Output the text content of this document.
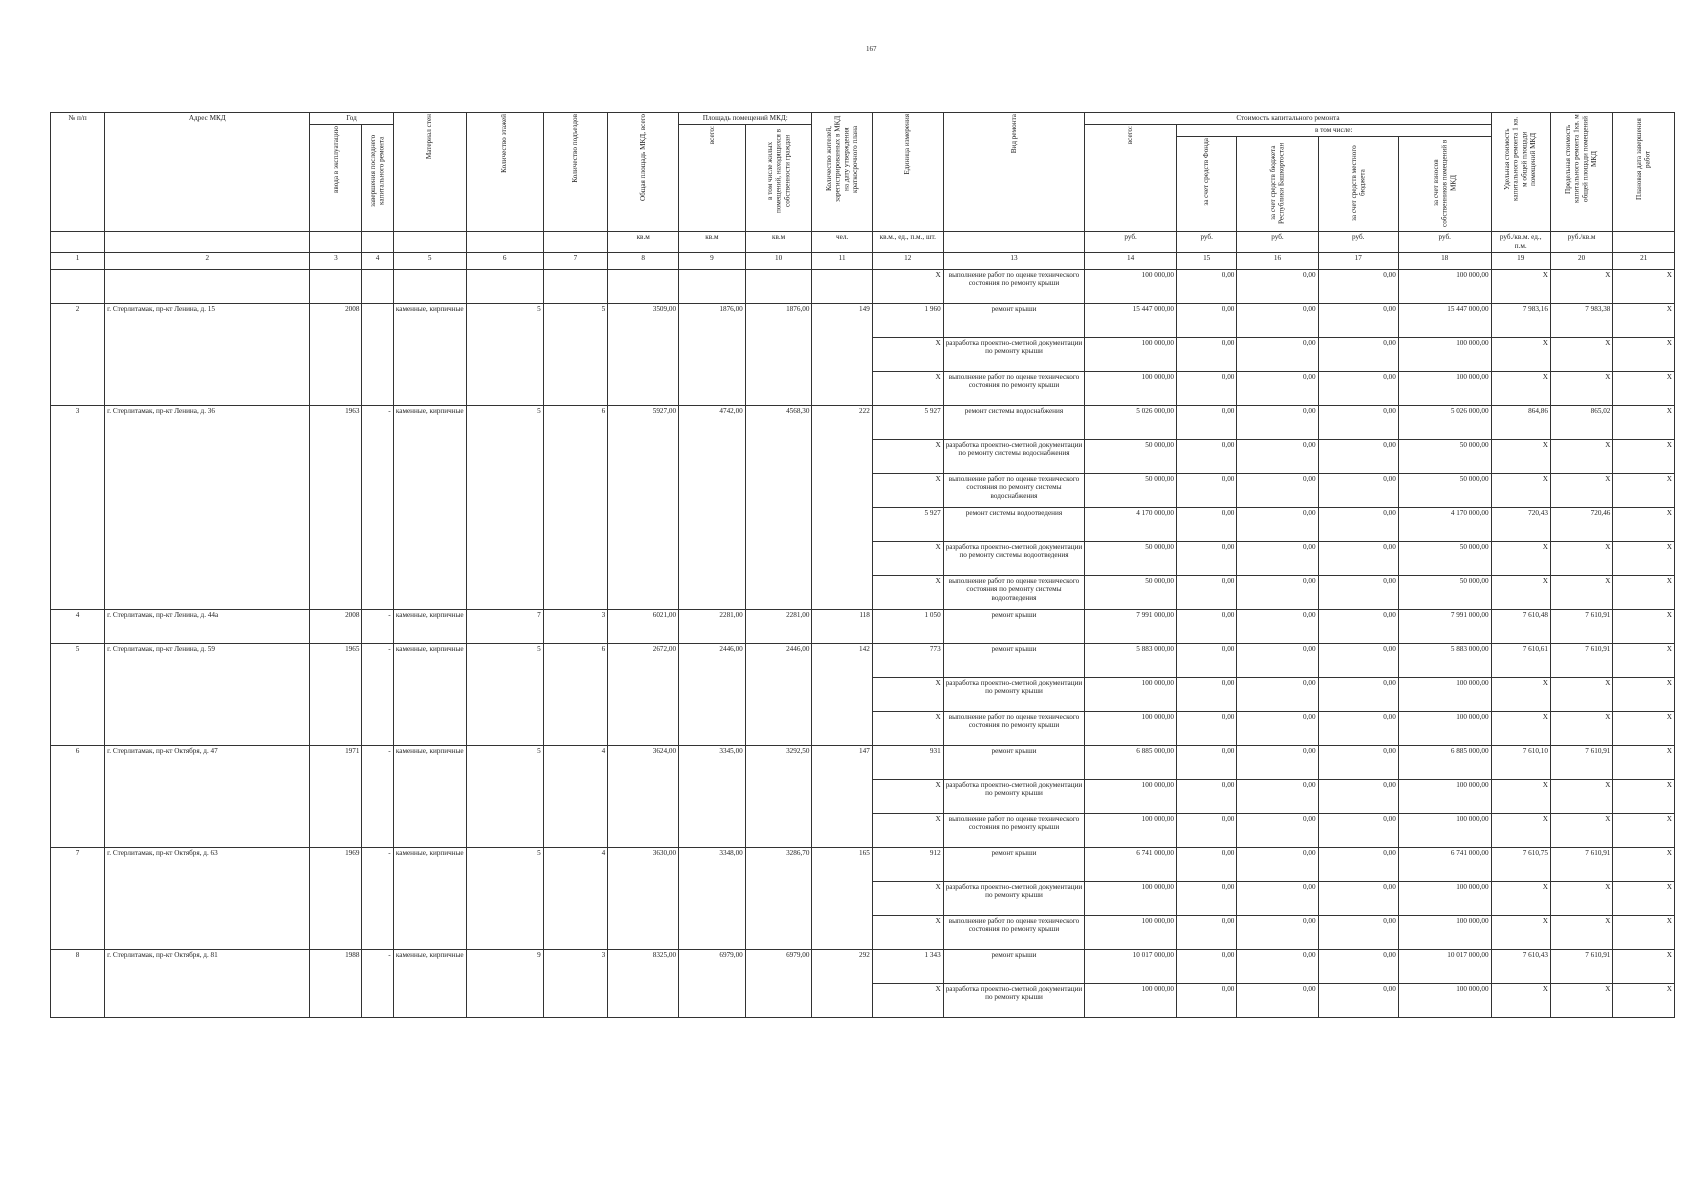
167
№ п/п	Адрес МКД	Год		Материал стен	Количество этажей	Количество подъездов	Общая площадь МКД, всего	Площадь помещений МКД:		Количество жителей, зарегистрированных в МКД на дату утверждения краткосрочного плана	Единица измерения	Вид ремонта	Стоимость капитального ремонта					Удельная стоимость капитального ремонта 1 кв. м общей площади помещений МКД	Предельная стоимость капитального ремонта 1кв. м общей площади помещений МКД	Плановая дата завершения работ
		ввода в эксплуатацию	завершения последнего капитального ремонта					всего:	в том числе жилых помещений, находящихся в собственности граждан				всего:	в том числе:						
														за счет средств Фонда	за счет средств бюджета Республики Башкортостан	за счет средств местного бюджета	за счет взносов собственников помещений в МКД			
							кв.м	кв.м	кв.м	чел.	кв.м., ед., п.м., шт.		руб.	руб.	руб.	руб.	руб.	руб./кв.м. ед., п.м.	руб./кв.м	
1	2	3	4	5	6	7	8	9	10	11	12	13	14	15	16	17	18	19	20	21
											X	выполнение работ по оценке технического состояния по ремонту крыши	100 000,00	0,00	0,00	0,00	100 000,00	X	X	X
2	г. Стерлитамак, пр-кт Ленина, д. 15	2008		каменные, кирпичные	5	5	3509,00	1876,00	1876,00	149	1 960	ремонт крыши	15 447 000,00	0,00	0,00	0,00	15 447 000,00	7 983,16	7 983,38	X
											X	разработка проектно-сметной документации по ремонту крыши	100 000,00	0,00	0,00	0,00	100 000,00	X	X	X
											X	выполнение работ по оценке технического состояния по ремонту крыши	100 000,00	0,00	0,00	0,00	100 000,00	X	X	X
3	г. Стерлитамак, пр-кт Ленина, д. 36	1963	-	каменные, кирпичные	5	6	5927,00	4742,00	4568,30	222	5 927	ремонт системы водоснабжения	5 026 000,00	0,00	0,00	0,00	5 026 000,00	864,86	865,02	X
											X	разработка проектно-сметной документации по ремонту системы водоснабжения	50 000,00	0,00	0,00	0,00	50 000,00	X	X	X
											X	выполнение работ по оценке технического состояния по ремонту системы водоснабжения	50 000,00	0,00	0,00	0,00	50 000,00	X	X	X
											5 927	ремонт системы водоотведения	4 170 000,00	0,00	0,00	0,00	4 170 000,00	720,43	720,46	X
											X	разработка проектно-сметной документации по ремонту системы водоотведения	50 000,00	0,00	0,00	0,00	50 000,00	X	X	X
											X	выполнение работ по оценке технического состояния по ремонту системы водоотведения	50 000,00	0,00	0,00	0,00	50 000,00	X	X	X
4	г. Стерлитамак, пр-кт Ленина, д. 44а	2008	-	каменные, кирпичные	7	3	6021,00	2281,00	2281,00	118	1 050	ремонт крыши	7 991 000,00	0,00	0,00	0,00	7 991 000,00	7 610,48	7 610,91	X
5	г. Стерлитамак, пр-кт Ленина, д. 59	1965	-	каменные, кирпичные	5	6	2672,00	2446,00	2446,00	142	773	ремонт крыши	5 883 000,00	0,00	0,00	0,00	5 883 000,00	7 610,61	7 610,91	X
											X	разработка проектно-сметной документации по ремонту крыши	100 000,00	0,00	0,00	0,00	100 000,00	X	X	X
											X	выполнение работ по оценке технического состояния по ремонту крыши	100 000,00	0,00	0,00	0,00	100 000,00	X	X	X
6	г. Стерлитамак, пр-кт Октября, д. 47	1971	-	каменные, кирпичные	5	4	3624,00	3345,00	3292,50	147	931	ремонт крыши	6 885 000,00	0,00	0,00	0,00	6 885 000,00	7 610,10	7 610,91	X
											X	разработка проектно-сметной документации по ремонту крыши	100 000,00	0,00	0,00	0,00	100 000,00	X	X	X
											X	выполнение работ по оценке технического состояния по ремонту крыши	100 000,00	0,00	0,00	0,00	100 000,00	X	X	X
7	г. Стерлитамак, пр-кт Октября, д. 63	1969	-	каменные, кирпичные	5	4	3630,00	3348,00	3286,70	165	912	ремонт крыши	6 741 000,00	0,00	0,00	0,00	6 741 000,00	7 610,75	7 610,91	X
											X	разработка проектно-сметной документации по ремонту крыши	100 000,00	0,00	0,00	0,00	100 000,00	X	X	X
											X	выполнение работ по оценке технического состояния по ремонту крыши	100 000,00	0,00	0,00	0,00	100 000,00	X	X	X
8	г. Стерлитамак, пр-кт Октября, д. 81	1988	-	каменные, кирпичные	9	3	8325,00	6979,00	6979,00	292	1 343	ремонт крыши	10 017 000,00	0,00	0,00	0,00	10 017 000,00	7 610,43	7 610,91	X
											X	разработка проектно-сметной документации по ремонту крыши	100 000,00	0,00	0,00	0,00	100 000,00	X	X	X
